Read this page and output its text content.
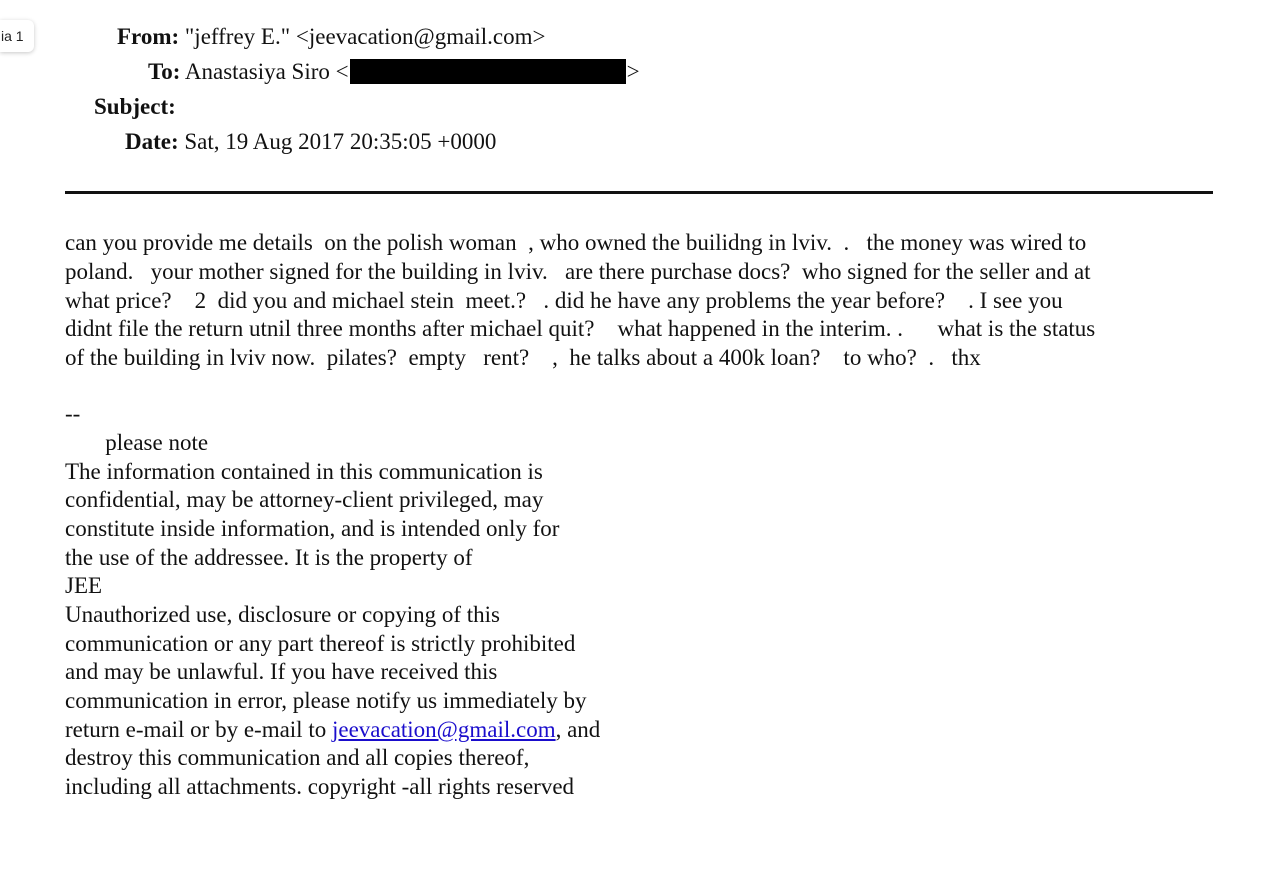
ia 1	From: "jeffrey E." <jeevacation@gmail.com>
To: Anastasiya Siro <	>
Subject:
Date: Sat, 19 Aug 2017 20:35:05 +0000
can you provide me details  on the polish woman  , who owned the builidng in lviv.  .   the money was wired to
poland.   your mother signed for the building in lviv.   are there purchase docs?  who signed for the seller and at
what price?    2  did you and michael stein  meet.?   . did he have any problems the year before?    . I see you
didnt file the return utnil three months after michael quit?    what happened in the interim. .      what is the status
of the building in lviv now.  pilates?  empty   rent?    ,  he talks about a 400k loan?    to who?  .   thx
--
please note
The information contained in this communication is
confidential, may be attorney-client privileged, may
constitute inside information, and is intended only for
the use of the addressee. It is the property of
JEE
Unauthorized use, disclosure or copying of this
communication or any part thereof is strictly prohibited
and may be unlawful. If you have received this
communication in error, please notify us immediately by
return e-mail or by e-mail to jeevacation@gmail.com, and
destroy this communication and all copies thereof,
including all attachments. copyright -all rights reserved
